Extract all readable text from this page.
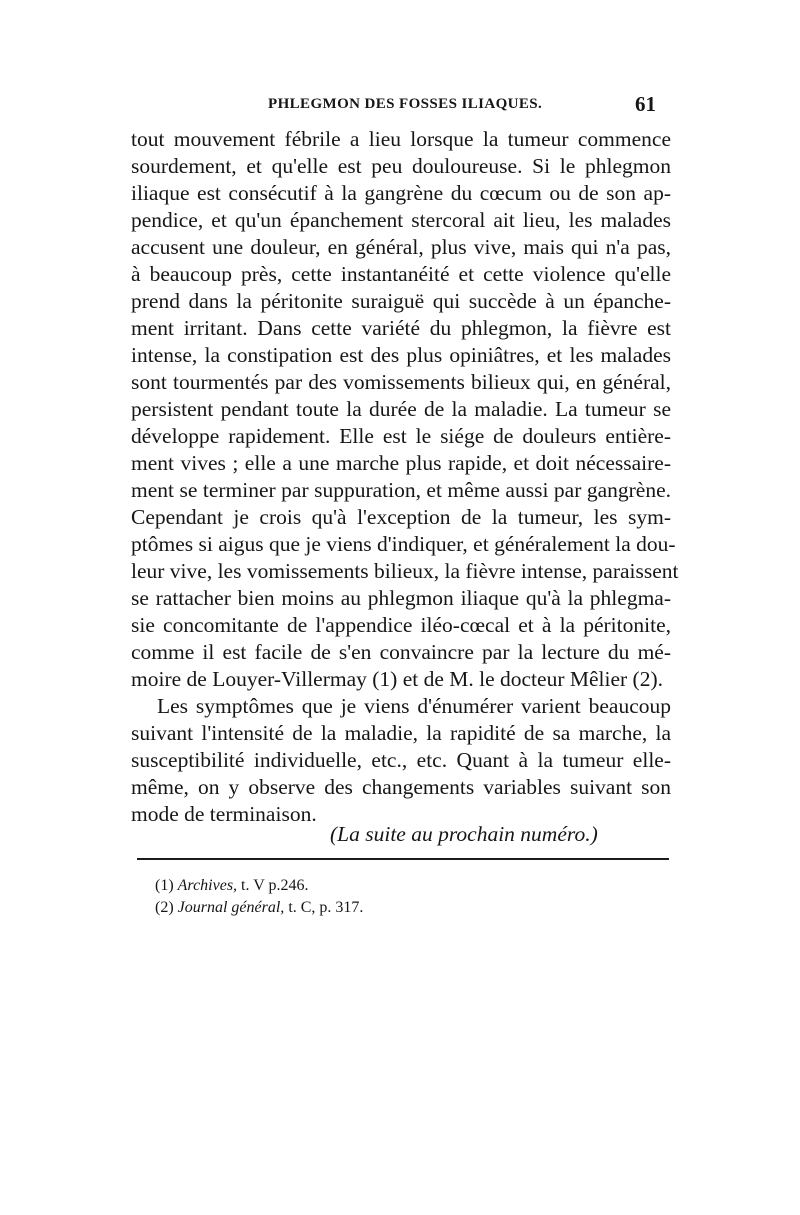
PHLEGMON DES FOSSES ILIAQUES.	61
tout mouvement fébrile a lieu lorsque la tumeur commence
sourdement, et qu'elle est peu douloureuse. Si le phlegmon
iliaque est consécutif à la gangrène du cœcum ou de son ap-
pendice, et qu'un épanchement stercoral ait lieu, les malades
accusent une douleur, en général, plus vive, mais qui n'a pas,
à beaucoup près, cette instantanéité et cette violence qu'elle
prend dans la péritonite suraiguë qui succède à un épanche-
ment irritant. Dans cette variété du phlegmon, la fièvre est
intense, la constipation est des plus opiniâtres, et les malades
sont tourmentés par des vomissements bilieux qui, en général,
persistent pendant toute la durée de la maladie. La tumeur se
développe rapidement. Elle est le siége de douleurs entière-
ment vives ; elle a une marche plus rapide, et doit nécessaire-
ment se terminer par suppuration, et même aussi par gangrène.
Cependant je crois qu'à l'exception de la tumeur, les sym-
ptômes si aigus que je viens d'indiquer, et généralement la dou-
leur vive, les vomissements bilieux, la fièvre intense, paraissent
se rattacher bien moins au phlegmon iliaque qu'à la phlegma-
sie concomitante de l'appendice iléo-cœcal et à la péritonite,
comme il est facile de s'en convaincre par la lecture du mé-
moire de Louyer-Villermay (1) et de M. le docteur Mêlier (2).
Les symptômes que je viens d'énumérer varient beaucoup
suivant l'intensité de la maladie, la rapidité de sa marche, la
susceptibilité individuelle, etc., etc. Quant à la tumeur elle-
même, on y observe des changements variables suivant son
mode de terminaison.
(La suite au prochain numéro.)
(1) Archives, t. V p.246.
(2) Journal général, t. C, p. 317.
